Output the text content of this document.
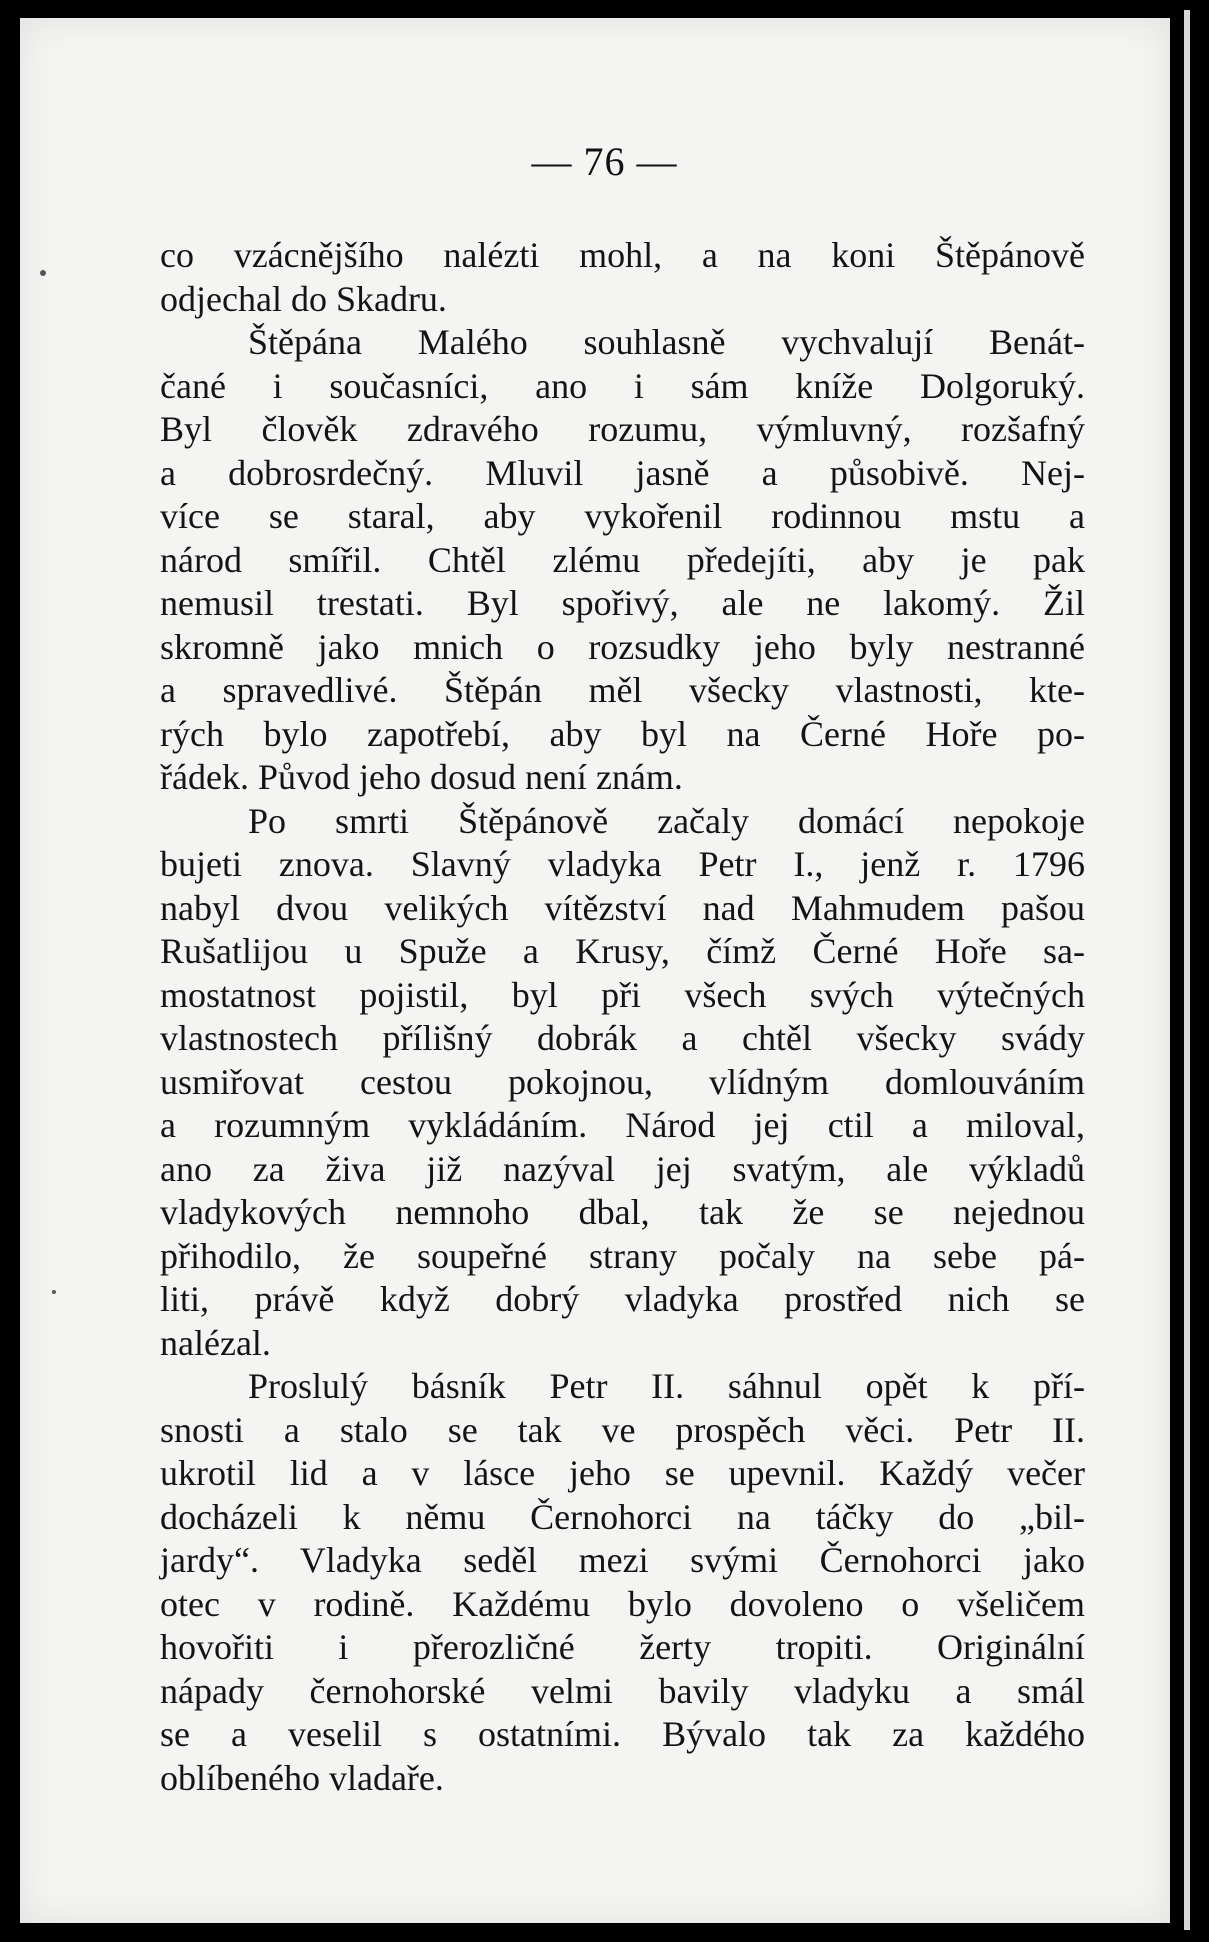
— 76 —
co vzácnějšího nalézti mohl, a na koni Štěpánově
odjechal do Skadru.
Štěpána Malého souhlasně vychvalují Benát-
čané i současníci, ano i sám kníže Dolgoruký.
Byl člověk zdravého rozumu, výmluvný, rozšafný
a dobrosrdečný. Mluvil jasně a působivě. Nej-
více se staral, aby vykořenil rodinnou mstu a
národ smířil. Chtěl zlému předejíti, aby je pak
nemusil trestati. Byl spořivý, ale ne lakomý. Žil
skromně jako mnich o rozsudky jeho byly nestranné
a spravedlivé. Štěpán měl všecky vlastnosti, kte-
rých bylo zapotřebí, aby byl na Černé Hoře po-
řádek. Původ jeho dosud není znám.
Po smrti Štěpánově začaly domácí nepokoje
bujeti znova. Slavný vladyka Petr I., jenž r. 1796
nabyl dvou velikých vítězství nad Mahmudem pašou
Rušatlijou u Spuže a Krusy, čímž Černé Hoře sa-
mostatnost pojistil, byl při všech svých výtečných
vlastnostech přílišný dobrák a chtěl všecky svády
usmiřovat cestou pokojnou, vlídným domlouváním
a rozumným vykládáním. Národ jej ctil a miloval,
ano za živa již nazýval jej svatým, ale výkladů
vladykových nemnoho dbal, tak že se nejednou
přihodilo, že soupeřné strany počaly na sebe pá-
liti, právě když dobrý vladyka prostřed nich se
nalézal.
Proslulý básník Petr II. sáhnul opět k pří-
snosti a stalo se tak ve prospěch věci. Petr II.
ukrotil lid a v lásce jeho se upevnil. Každý večer
docházeli k němu Černohorci na táčky do „bil-
jardy“. Vladyka seděl mezi svými Černohorci jako
otec v rodině. Každému bylo dovoleno o všeličem
hovořiti i přerozličné žerty tropiti. Originální
nápady černohorské velmi bavily vladyku a smál
se a veselil s ostatními. Bývalo tak za každého
oblíbeného vladaře.
